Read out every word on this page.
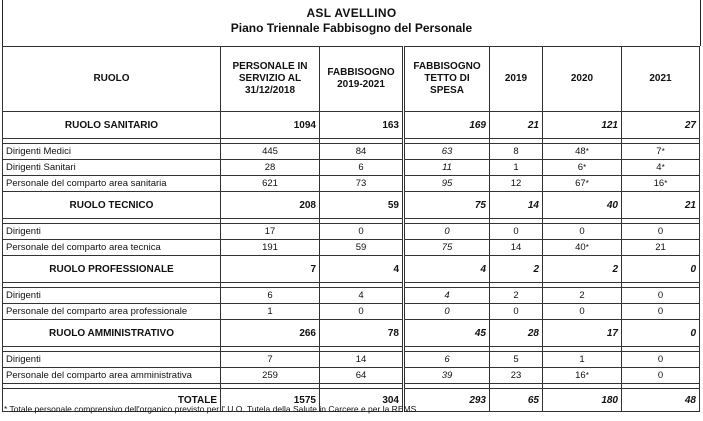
ASL AVELLINO
Piano Triennale Fabbisogno del Personale
RUOLO	PERSONALE IN SERVIZIO AL 31/12/2018	FABBISOGNO 2019-2021	FABBISOGNO TETTO DI SPESA	2019	2020	2021
RUOLO SANITARIO	1094	163	169	21	121	27

Dirigenti Medici	445	84	63	8	48*	7*
Dirigenti Sanitari	28	6	11	1	6*	4*
Personale del comparto area sanitaria	621	73	95	12	67*	16*
RUOLO TECNICO	208	59	75	14	40	21

Dirigenti	17	0	0	0	0	0
Personale del comparto area tecnica	191	59	75	14	40*	21
RUOLO PROFESSIONALE	7	4	4	2	2	0

Dirigenti	6	4	4	2	2	0
Personale del comparto area professionale	1	0	0	0	0	0
RUOLO AMMINISTRATIVO	266	78	45	28	17	0

Dirigenti	7	14	6	5	1	0
Personale del comparto area amministrativa	259	64	39	23	16*	0

TOTALE	1575	304	293	65	180	48
* Totale personale comprensivo dell'organico previsto per l' U.O. Tutela della Salute in Carcere e per la REMS
